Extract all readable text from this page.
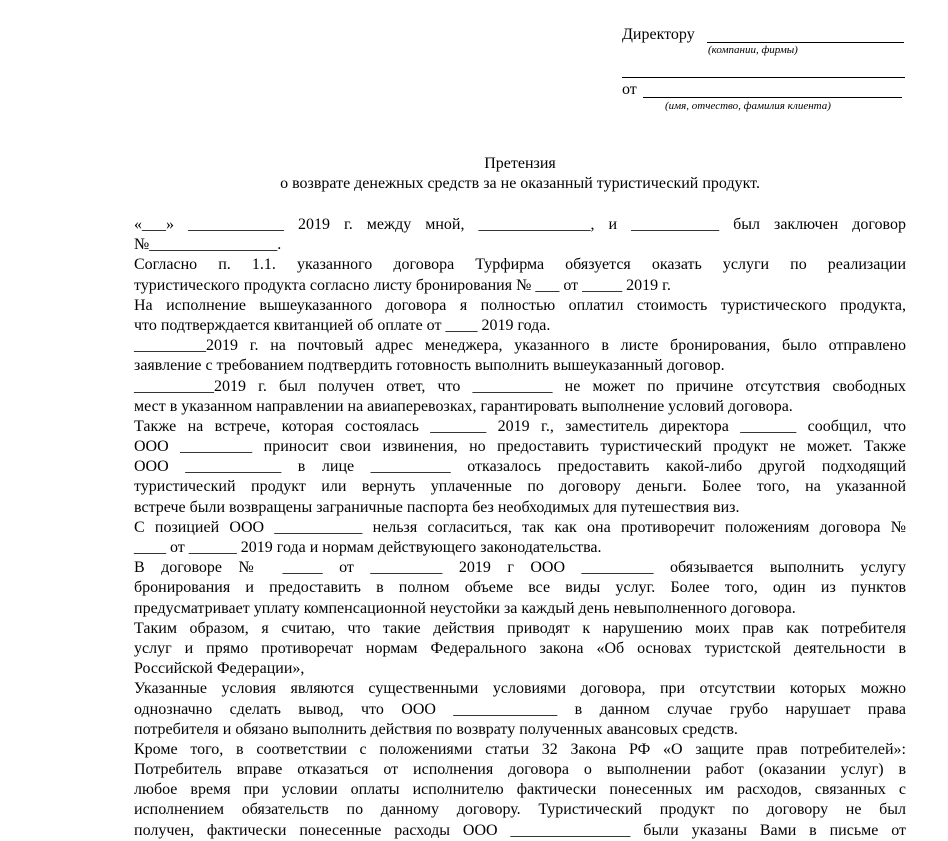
Директору
(компании, фирмы)
от
(имя, отчество, фамилия клиента)
Претензия
о возврате денежных средств за не оказанный туристический продукт.
«___» ____________ 2019 г. между мной, ______________, и ___________ был заключен договор
№________________.
Согласно п. 1.1. указанного договора Турфирма обязуется оказать услуги по реализации
туристического продукта согласно листу бронирования № ___ от _____ 2019 г.
На исполнение вышеуказанного договора я полностью оплатил стоимость туристического продукта,
что подтверждается квитанцией об оплате от ____ 2019 года.
_________2019 г. на почтовый адрес менеджера, указанного в листе бронирования, было отправлено
заявление с требованием подтвердить готовность выполнить вышеуказанный договор.
__________2019 г. был получен ответ, что __________ не может по причине отсутствия свободных
мест в указанном направлении на авиаперевозках, гарантировать выполнение условий договора.
Также на встрече, которая состоялась _______ 2019 г., заместитель директора _______ сообщил, что
ООО _________ приносит свои извинения, но предоставить туристический продукт не может. Также
ООО ____________ в лице __________ отказалось предоставить какой-либо другой подходящий
туристический продукт или вернуть уплаченные по договору деньги. Более того, на указанной
встрече были возвращены заграничные паспорта без необходимых для путешествия виз.
С позицией ООО ___________ нельзя согласиться, так как она противоречит положениям договора №
____ от ______ 2019 года и нормам действующего законодательства.
В договоре № _____ от _________ 2019 г ООО _________ обязывается выполнить услугу
бронирования и предоставить в полном объеме все виды услуг. Более того, один из пунктов
предусматривает уплату компенсационной неустойки за каждый день невыполненного договора.
Таким образом, я считаю, что такие действия приводят к нарушению моих прав как потребителя
услуг и прямо противоречат нормам Федерального закона «Об основах туристской деятельности в
Российской Федерации»,
Указанные условия являются существенными условиями договора, при отсутствии которых можно
однозначно сделать вывод, что ООО _____________ в данном случае грубо нарушает права
потребителя и обязано выполнить действия по возврату полученных авансовых средств.
Кроме того, в соответствии с положениями статьи 32 Закона РФ «О защите прав потребителей»:
Потребитель вправе отказаться от исполнения договора о выполнении работ (оказании услуг) в
любое время при условии оплаты исполнителю фактически понесенных им расходов, связанных с
исполнением обязательств по данному договору. Туристический продукт по договору не был
получен, фактически понесенные расходы ООО _______________ были указаны Вами в письме от
